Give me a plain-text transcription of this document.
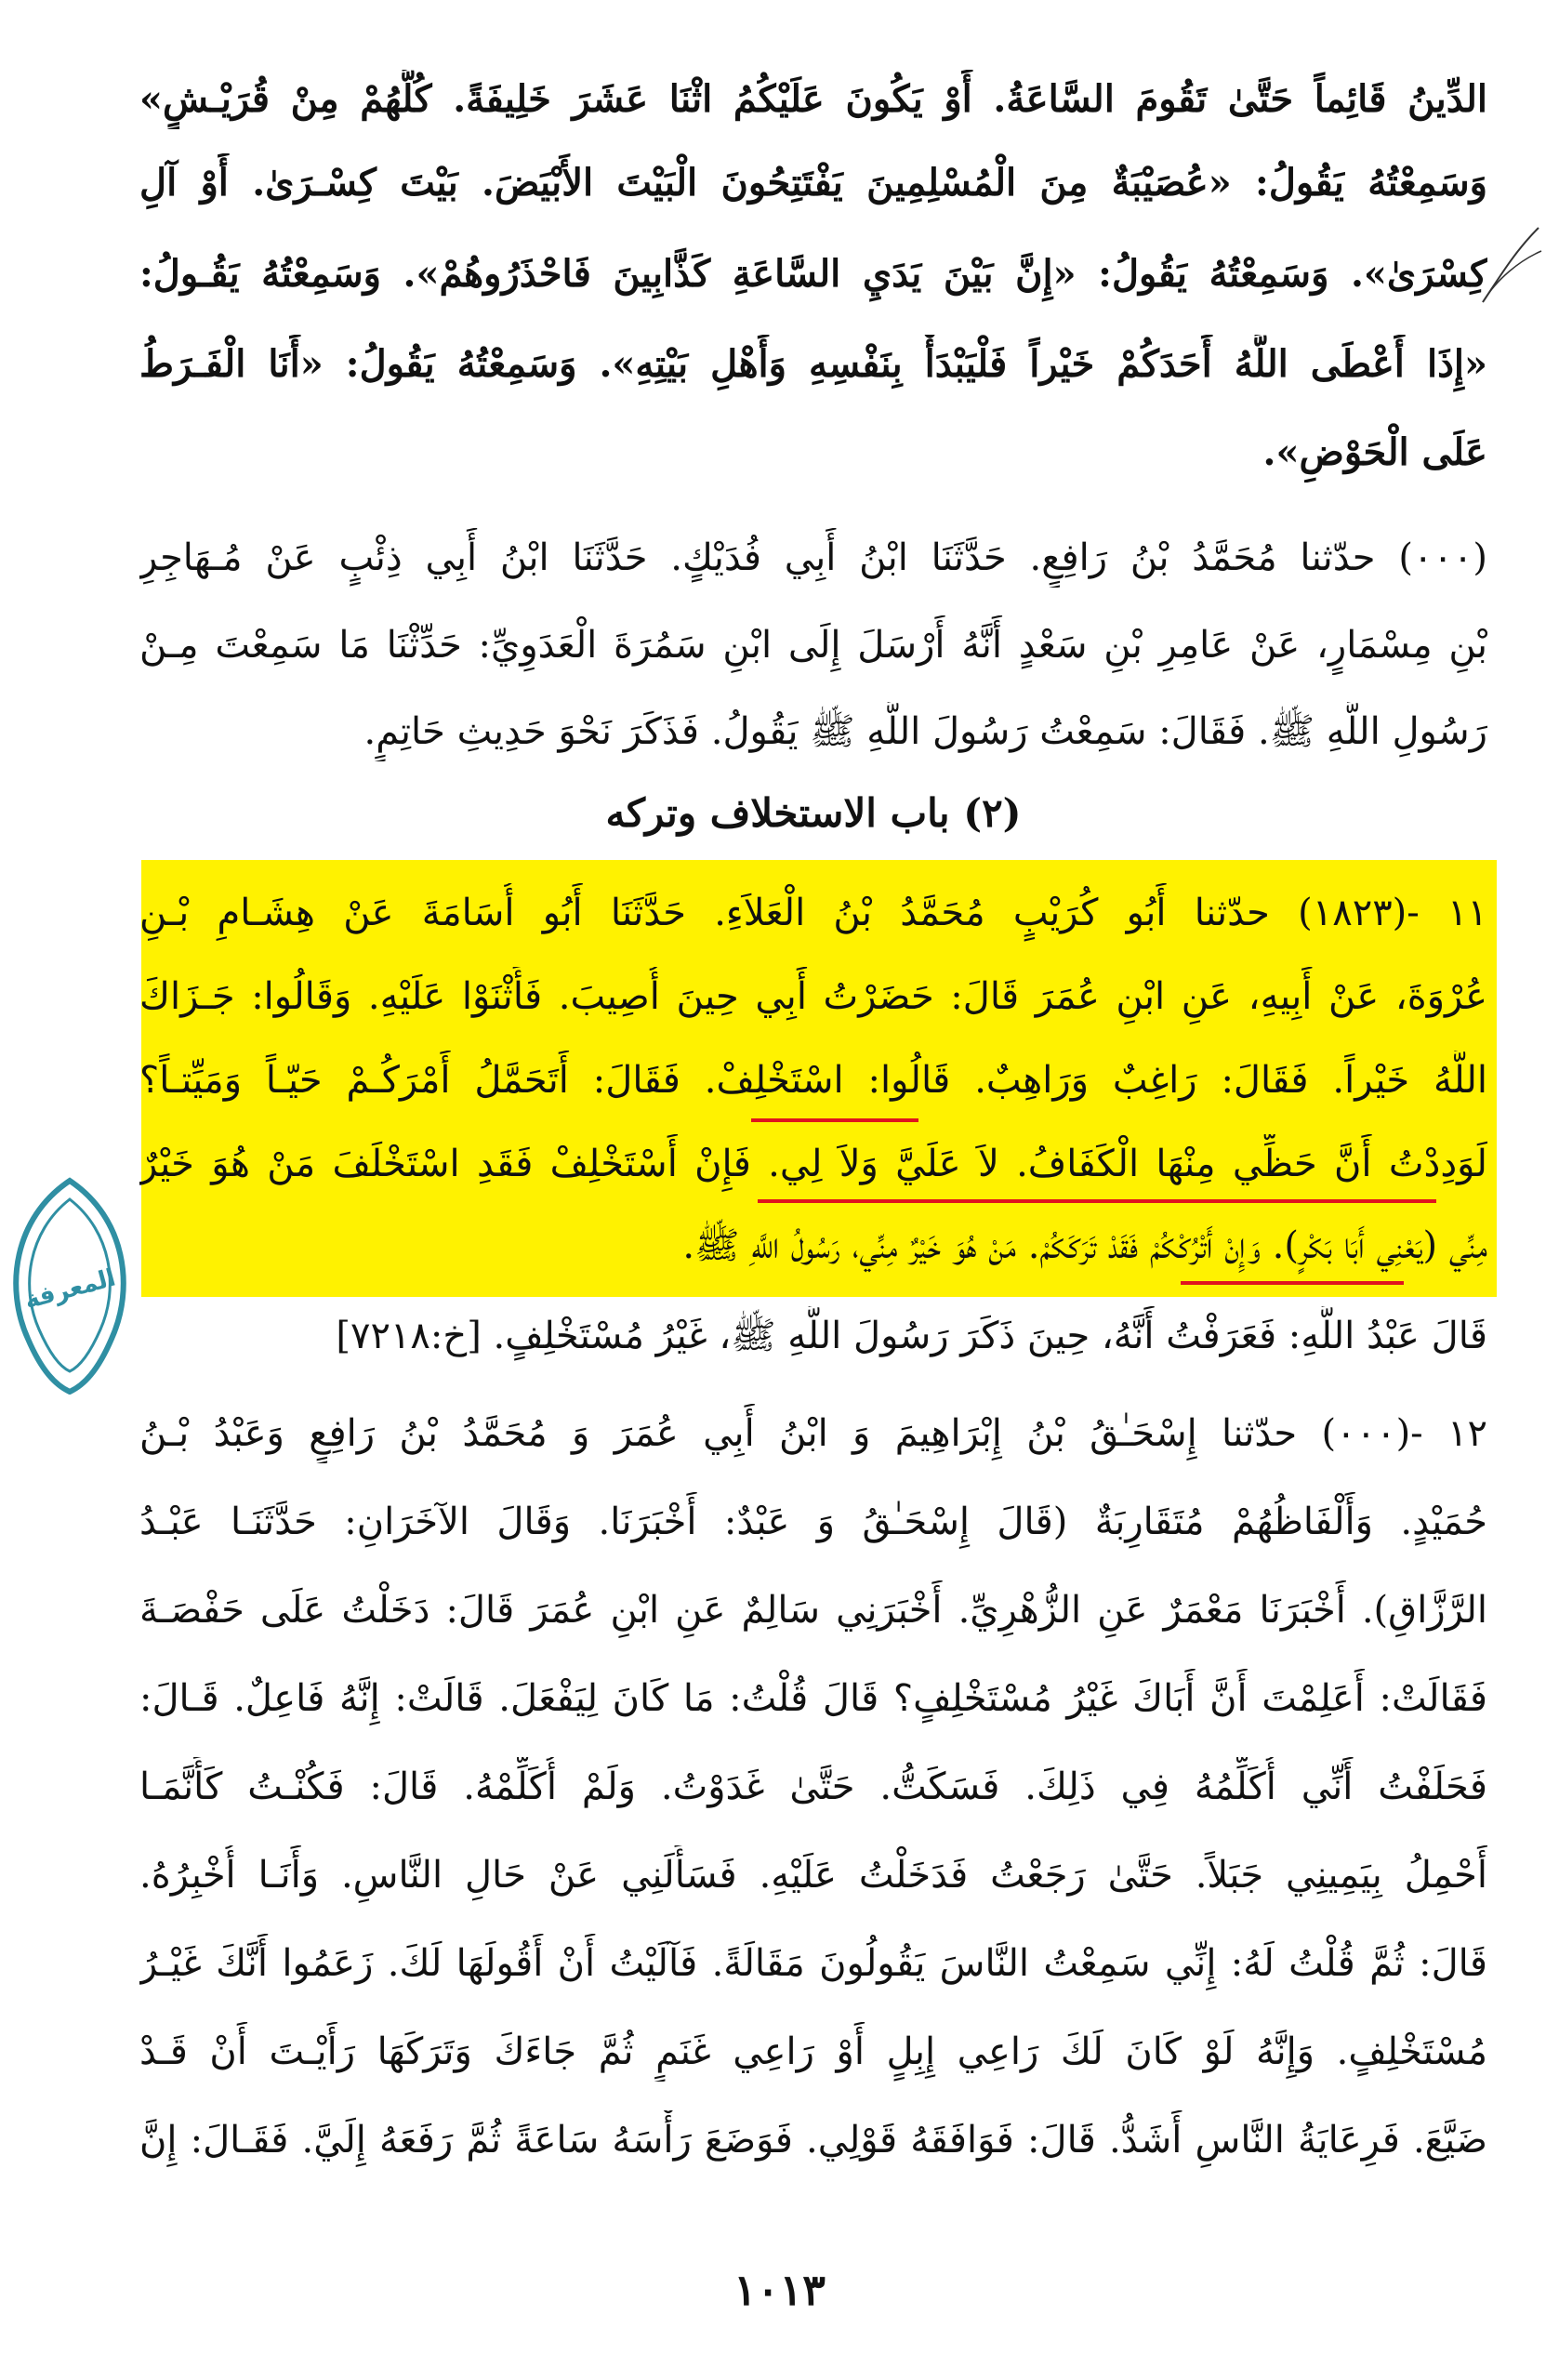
الدِّينُ قَائِماً حَتَّىٰ تَقُومَ السَّاعَةُ. أَوْ يَكُونَ عَلَيْكُمُ اثْنَا عَشَرَ خَلِيفَةً. كُلُّهُمْ مِنْ قُرَيْـشٍ»
وَسَمِعْتُهُ يَقُولُ: «عُصَيْبَةٌ مِنَ الْمُسْلِمِينَ يَفْتَتِحُونَ الْبَيْتَ الأَبْيَضَ. بَيْتَ كِسْـرَىٰ. أَوْ آلِ
كِسْرَىٰ». وَسَمِعْتُهُ يَقُولُ: «إِنَّ بَيْنَ يَدَيِ السَّاعَةِ كَذَّابِينَ فَاحْذَرُوهُمْ». وَسَمِعْتُهُ يَقُـولُ:
«إِذَا أَعْطَى اللَّهُ أَحَدَكُمْ خَيْراً فَلْيَبْدَأْ بِنَفْسِهِ وَأَهْلِ بَيْتِهِ». وَسَمِعْتُهُ يَقُولُ: «أَنَا الْفَـرَطُ
عَلَى الْحَوْضِ».
(٠٠٠) حدّثنا مُحَمَّدُ بْنُ رَافِعٍ. حَدَّثَنَا ابْنُ أَبِي فُدَيْكٍ. حَدَّثَنَا ابْنُ أَبِي ذِئْبٍ عَنْ مُـهَاجِرِ
بْنِ مِسْمَارٍ، عَنْ عَامِرِ بْنِ سَعْدٍ أَنَّهُ أَرْسَلَ إِلَى ابْنِ سَمُرَةَ الْعَدَوِيِّ: حَدِّثْنَا مَا سَمِعْتَ مِـنْ
رَسُولِ اللَّهِ ﷺ. فَقَالَ: سَمِعْتُ رَسُولَ اللَّهِ ﷺ يَقُولُ. فَذَكَرَ نَحْوَ حَدِيثِ حَاتِمٍ.
(٢) باب الاستخلاف وتركه
١١ -(١٨٢٣) حدّثنا أَبُو كُرَيْبٍ مُحَمَّدُ بْنُ الْعَلاَءِ. حَدَّثَنَا أَبُو أُسَامَةَ عَنْ هِشَـامِ بْـنِ
عُرْوَةَ، عَنْ أَبِيهِ، عَنِ ابْنِ عُمَرَ قَالَ: حَضَرْتُ أَبِي حِينَ أُصِيبَ. فَأَثْنَوْا عَلَيْهِ. وَقَالُوا: جَـزَاكَ
اللَّهُ خَيْراً. فَقَالَ: رَاغِبٌ وَرَاهِبٌ. قَالُوا: اسْتَخْلِفْ. فَقَالَ: أَتَحَمَّلُ أَمْرَكُـمْ حَيّـاً وَمَيِّتـاً؟
لَوَدِدْتُ أَنَّ حَظِّي مِنْهَا الْكَفَافُ. لاَ عَلَيَّ وَلاَ لِي. فَإِنْ أَسْتَخْلِفْ فَقَدِ اسْتَخْلَفَ مَنْ هُوَ خَيْرٌ
مِنِّي (يَعْنِي أَبَا بَكْرٍ). وَإِنْ أَتْرُكْكُمْ فَقَدْ تَرَكَكُمْ. مَنْ هُوَ خَيْرٌ مِنِّي، رَسُولُ اللَّهِ ﷺ.
المعرفة
قَالَ عَبْدُ اللَّهِ: فَعَرَفْتُ أَنَّهُ، حِينَ ذَكَرَ رَسُولَ اللَّهِ ﷺ، غَيْرُ مُسْتَخْلِفٍ. [خ:٧٢١٨]
١٢ -(٠٠٠) حدّثنا إِسْحَـٰقُ بْنُ إِبْرَاهِيمَ وَ ابْنُ أَبِي عُمَرَ وَ مُحَمَّدُ بْنُ رَافِعٍ وَعَبْدُ بْـنُ
حُمَيْدٍ. وَأَلْفَاظُهُمْ مُتَقَارِبَةٌ (قَالَ إِسْحَـٰقُ وَ عَبْدٌ: أَخْبَرَنَا. وَقَالَ الآخَرَانِ: حَدَّثَنَـا عَبْـدُ
الرَّزَّاقِ). أَخْبَرَنَا مَعْمَرٌ عَنِ الزُّهْرِيِّ. أَخْبَرَنِي سَالِمٌ عَنِ ابْنِ عُمَرَ قَالَ: دَخَلْتُ عَلَى حَفْصَـةَ
فَقَالَتْ: أَعَلِمْتَ أَنَّ أَبَاكَ غَيْرُ مُسْتَخْلِفٍ؟ قَالَ قُلْتُ: مَا كَانَ لِيَفْعَلَ. قَالَتْ: إِنَّهُ فَاعِلٌ. قَـالَ:
فَحَلَفْتُ أَنِّي أُكَلِّمُهُ فِي ذَلِكَ. فَسَكَتُّ. حَتَّىٰ غَدَوْتُ. وَلَمْ أُكَلِّمْهُ. قَالَ: فَكُنْـتُ كَأَنَّمَـا
أَحْمِلُ بِيَمِينِي جَبَلاً. حَتَّىٰ رَجَعْتُ فَدَخَلْتُ عَلَيْهِ. فَسَأَلَنِي عَنْ حَالِ النَّاسِ. وَأَنَـا أُخْبِرُهُ.
قَالَ: ثُمَّ قُلْتُ لَهُ: إِنِّي سَمِعْتُ النَّاسَ يَقُولُونَ مَقَالَةً. فَآلَيْتُ أَنْ أَقُولَهَا لَكَ. زَعَمُوا أَنَّكَ غَيْـرُ
مُسْتَخْلِفٍ. وَإِنَّهُ لَوْ كَانَ لَكَ رَاعِي إِبِلٍ أَوْ رَاعِي غَنَمٍ ثُمَّ جَاءَكَ وَتَرَكَهَا رَأَيْـتَ أَنْ قَـدْ
ضَيَّعَ. فَرِعَايَةُ النَّاسِ أَشَدُّ. قَالَ: فَوَافَقَهُ قَوْلِي. فَوَضَعَ رَأْسَهُ سَاعَةً ثُمَّ رَفَعَهُ إِلَيَّ. فَقَـالَ: إِنَّ
١٠١٣
